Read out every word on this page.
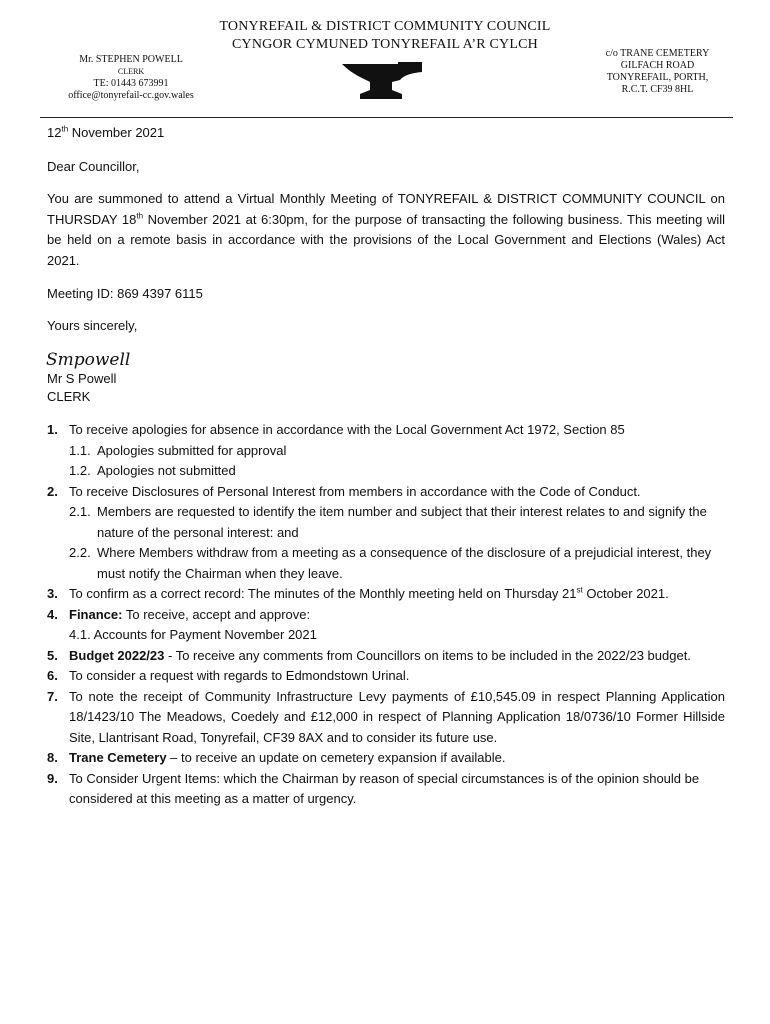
TONYREFAIL & DISTRICT COMMUNITY COUNCIL
CYNGOR CYMUNED TONYREFAIL A’R CYLCH
Mr. STEPHEN POWELL
CLERK
TE: 01443 673991
office@tonyrefail-cc.gov.wales
c/o TRANE CEMETERY
GILFACH ROAD
TONYREFAIL, PORTH,
R.C.T. CF39 8HL
12th November 2021
Dear Councillor,
You are summoned to attend a Virtual Monthly Meeting of TONYREFAIL & DISTRICT COMMUNITY COUNCIL on THURSDAY 18th November 2021 at 6:30pm, for the purpose of transacting the following business. This meeting will be held on a remote basis in accordance with the provisions of the Local Government and Elections (Wales) Act 2021.
Meeting ID: 869 4397 6115
Yours sincerely,
Smpowell
Mr S Powell
CLERK
1. To receive apologies for absence in accordance with the Local Government Act 1972, Section 85
1.1. Apologies submitted for approval
1.2. Apologies not submitted
2. To receive Disclosures of Personal Interest from members in accordance with the Code of Conduct.
2.1. Members are requested to identify the item number and subject that their interest relates to and signify the nature of the personal interest: and
2.2. Where Members withdraw from a meeting as a consequence of the disclosure of a prejudicial interest, they must notify the Chairman when they leave.
3. To confirm as a correct record: The minutes of the Monthly meeting held on Thursday 21st October 2021.
4. Finance: To receive, accept and approve:
4.1. Accounts for Payment November 2021
5. Budget 2022/23 - To receive any comments from Councillors on items to be included in the 2022/23 budget.
6. To consider a request with regards to Edmondstown Urinal.
7. To note the receipt of Community Infrastructure Levy payments of £10,545.09 in respect Planning Application 18/1423/10 The Meadows, Coedely and £12,000 in respect of Planning Application 18/0736/10 Former Hillside Site, Llantrisant Road, Tonyrefail, CF39 8AX and to consider its future use.
8. Trane Cemetery – to receive an update on cemetery expansion if available.
9. To Consider Urgent Items: which the Chairman by reason of special circumstances is of the opinion should be considered at this meeting as a matter of urgency.
